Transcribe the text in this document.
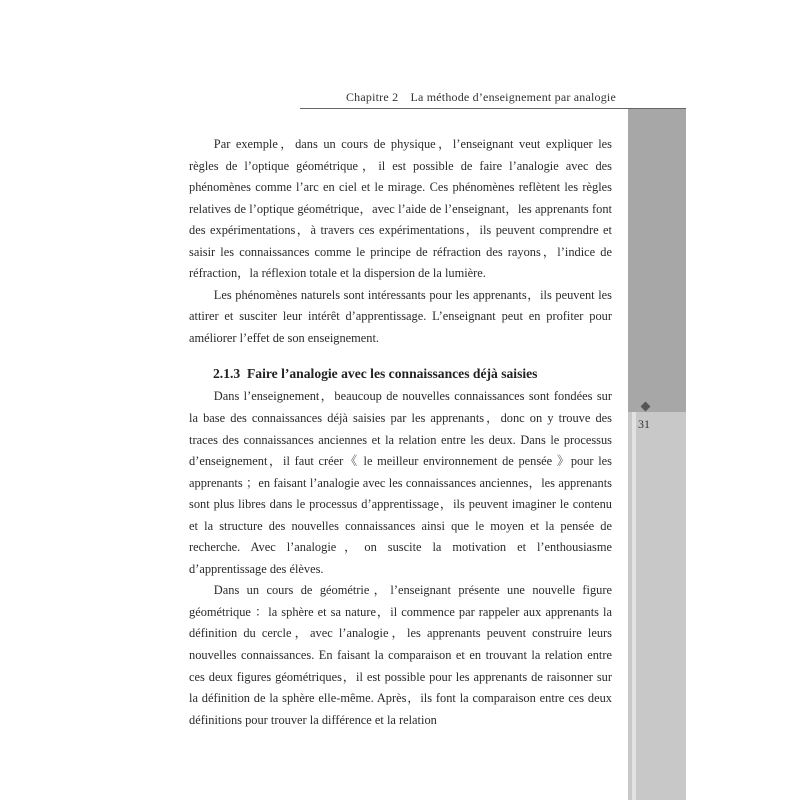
Chapitre 2　La méthode d’enseignement par analogie
31

Par exemple，dans un cours de physique，l’enseignant veut expliquer les règles de l’optique géométrique，il est possible de faire l’analogie avec des phénomènes comme l’arc en ciel et le mirage. Ces phénomènes reflètent les règles relatives de l’optique géométrique，avec l’aide de l’enseignant，les apprenants font des expérimentations，à travers ces expérimentations，ils peuvent comprendre et saisir les connaissances comme le principe de réfraction des rayons，l’indice de réfraction，la réflexion totale et la dispersion de la lumière.

Les phénomènes naturels sont intéressants pour les apprenants，ils peuvent les attirer et susciter leur intérêt d’apprentissage. L’enseignant peut en profiter pour améliorer l’effet de son enseignement.

2.1.3 Faire l’analogie avec les connaissances déjà saisies

Dans l’enseignement，beaucoup de nouvelles connaissances sont fondées sur la base des connaissances déjà saisies par les apprenants，donc on y trouve des traces des connaissances anciennes et la relation entre les deux. Dans le processus d’enseignement，il faut créer《 le meilleur environnement de pensée 》pour les apprenants ；en faisant l’analogie avec les connaissances anciennes，les apprenants sont plus libres dans le processus d’apprentissage，ils peuvent imaginer le contenu et la structure des nouvelles connaissances ainsi que le moyen et la pensée de recherche. Avec l’analogie，on suscite la motivation et l’enthousiasme d’apprentissage des élèves.

Dans un cours de géométrie，l’enseignant présente une nouvelle figure géométrique ：la sphère et sa nature，il commence par rappeler aux apprenants la définition du cercle，avec l’analogie，les apprenants peuvent construire leurs nouvelles connaissances. En faisant la comparaison et en trouvant la relation entre ces deux figures géométriques，il est possible pour les apprenants de raisonner sur la définition de la sphère elle-même. Après，ils font la comparaison entre ces deux définitions pour trouver la différence et la relation
